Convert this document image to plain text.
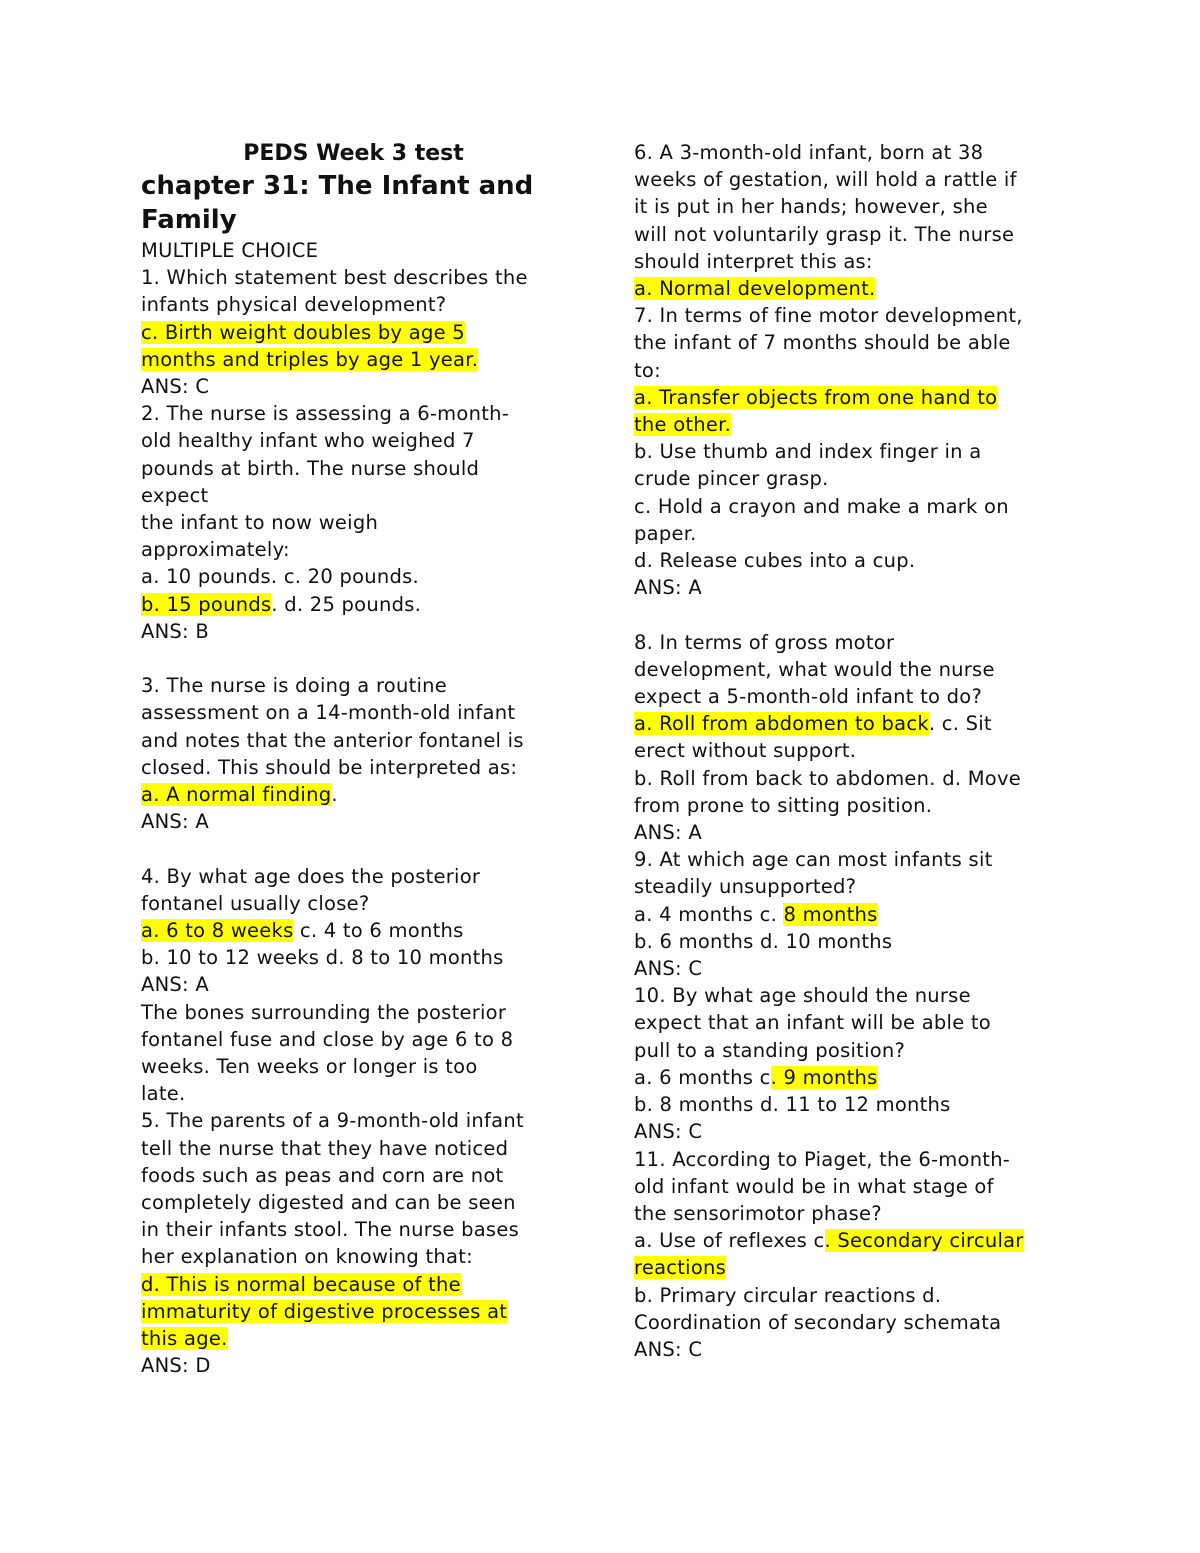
PEDS Week 3 test
chapter 31: The Infant and
Family
MULTIPLE CHOICE
1. Which statement best describes the
infants physical development?
c. Birth weight doubles by age 5
months and triples by age 1 year.
ANS: C
2. The nurse is assessing a 6-month-
old healthy infant who weighed 7
pounds at birth. The nurse should
expect
the infant to now weigh
approximately:
a. 10 pounds. c. 20 pounds.
b. 15 pounds. d. 25 pounds.
ANS: B
3. The nurse is doing a routine
assessment on a 14-month-old infant
and notes that the anterior fontanel is
closed. This should be interpreted as:
a. A normal finding.
ANS: A
4. By what age does the posterior
fontanel usually close?
a. 6 to 8 weeks c. 4 to 6 months
b. 10 to 12 weeks d. 8 to 10 months
ANS: A
The bones surrounding the posterior
fontanel fuse and close by age 6 to 8
weeks. Ten weeks or longer is too
late.
5. The parents of a 9-month-old infant
tell the nurse that they have noticed
foods such as peas and corn are not
completely digested and can be seen
in their infants stool. The nurse bases
her explanation on knowing that:
d. This is normal because of the
immaturity of digestive processes at
this age.
ANS: D
6. A 3-month-old infant, born at 38
weeks of gestation, will hold a rattle if
it is put in her hands; however, she
will not voluntarily grasp it. The nurse
should interpret this as:
a. Normal development.
7. In terms of fine motor development,
the infant of 7 months should be able
to:
a. Transfer objects from one hand to
the other.
b. Use thumb and index finger in a
crude pincer grasp.
c. Hold a crayon and make a mark on
paper.
d. Release cubes into a cup.
ANS: A
8. In terms of gross motor
development, what would the nurse
expect a 5-month-old infant to do?
a. Roll from abdomen to back. c. Sit
erect without support.
b. Roll from back to abdomen. d. Move
from prone to sitting position.
ANS: A
9. At which age can most infants sit
steadily unsupported?
a. 4 months c. 8 months
b. 6 months d. 10 months
ANS: C
10. By what age should the nurse
expect that an infant will be able to
pull to a standing position?
a. 6 months c. 9 months
b. 8 months d. 11 to 12 months
ANS: C
11. According to Piaget, the 6-month-
old infant would be in what stage of
the sensorimotor phase?
a. Use of reflexes c. Secondary circular
reactions
b. Primary circular reactions d.
Coordination of secondary schemata
ANS: C
